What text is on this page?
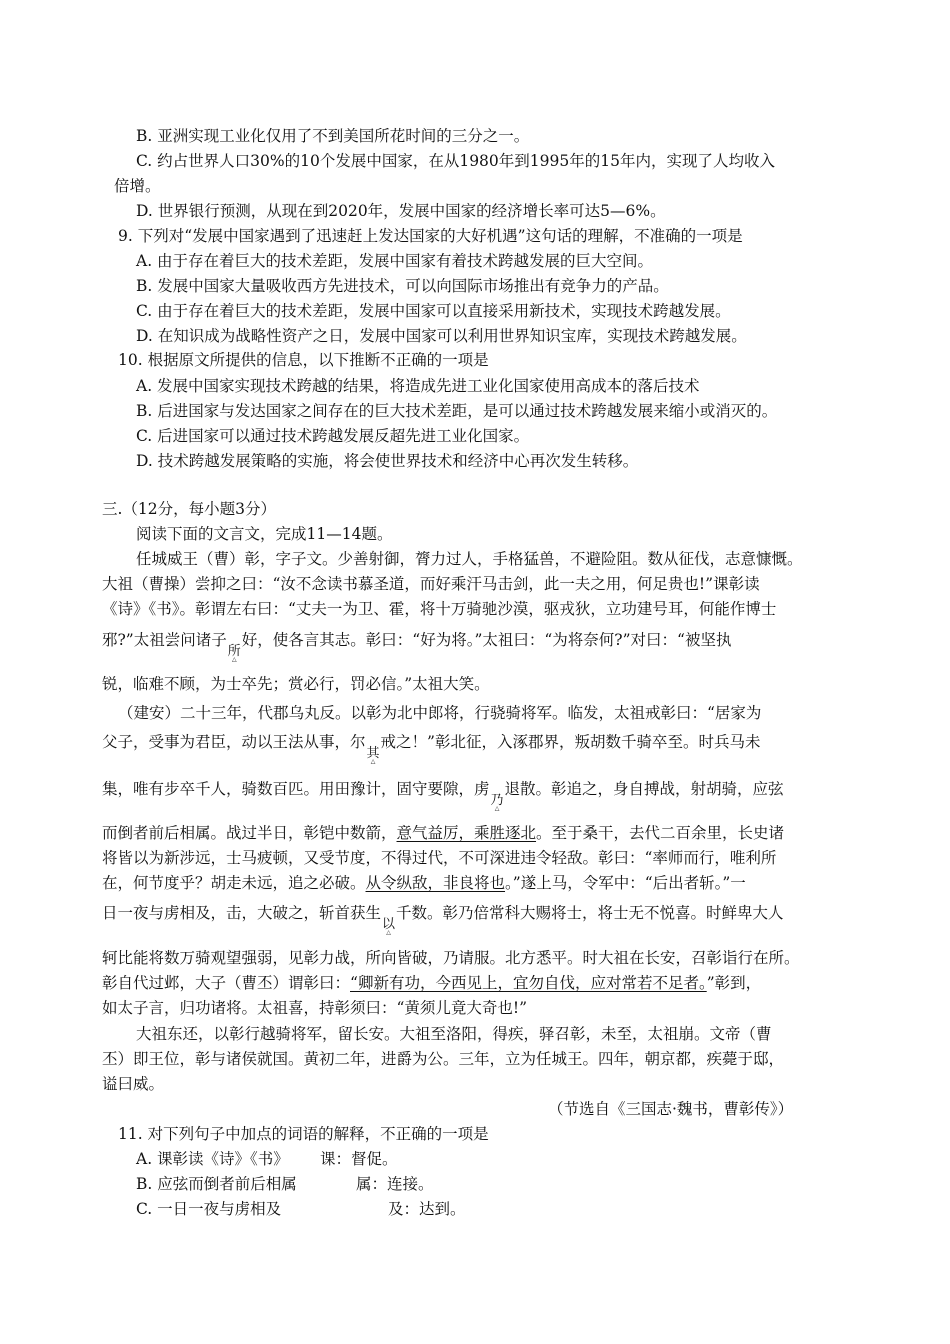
B. 亚洲实现工业化仅用了不到美国所花时间的三分之一。
C. 约占世界人口30%的10个发展中国家，在从1980年到1995年的15年内，实现了人均收入
倍增。
D. 世界银行预测，从现在到2020年，发展中国家的经济增长率可达5—6%。
9. 下列对“发展中国家遇到了迅速赶上发达国家的大好机遇”这句话的理解，不准确的一项是
A. 由于存在着巨大的技术差距，发展中国家有着技术跨越发展的巨大空间。
B. 发展中国家大量吸收西方先进技术，可以向国际市场推出有竞争力的产品。
C. 由于存在着巨大的技术差距，发展中国家可以直接采用新技术，实现技术跨越发展。
D. 在知识成为战略性资产之日，发展中国家可以利用世界知识宝库，实现技术跨越发展。
10. 根据原文所提供的信息，以下推断不正确的一项是
A. 发展中国家实现技术跨越的结果，将造成先进工业化国家使用高成本的落后技术
B. 后进国家与发达国家之间存在的巨大技术差距，是可以通过技术跨越发展来缩小或消灭的。
C. 后进国家可以通过技术跨越发展反超先进工业化国家。
D. 技术跨越发展策略的实施，将会使世界技术和经济中心再次发生转移。
三.（12分，每小题3分）
阅读下面的文言文，完成11—14题。
任城威王（曹）彰，字子文。少善射御，膂力过人，手格猛兽，不避险阻。数从征伐，志意慷慨。
大祖（曹操）尝抑之曰：“汝不念读书慕圣道，而好乘汗马击剑，此一夫之用，何足贵也!”课彰读
《诗》《书》。彰谓左右曰：“丈夫一为卫、霍，将十万骑驰沙漠，驱戎狄，立功建号耳，何能作博士
邪?”太祖尝问诸子所 △好，使各言其志。彰曰：“好为将。”太祖曰：“为将奈何?”对曰：“被坚执
锐，临难不顾，为士卒先；赏必行，罚必信。”太祖大笑。
（建安）二十三年，代郡乌丸反。以彰为北中郎将，行骁骑将军。临发，太祖戒彰曰：“居家为
父子，受事为君臣，动以王法从事，尔其 △戒之！”彰北征，入涿郡界，叛胡数千骑卒至。时兵马未
集，唯有步卒千人，骑数百匹。用田豫计，固守要隙，虏乃 △退散。彰追之，身自搏战，射胡骑，应弦
而倒者前后相属。战过半日，彰铠中数箭，意气益厉，乘胜逐北。至于桑干，去代二百余里，长史诸
将皆以为新涉远，士马疲顿，又受节度，不得过代，不可深进违令轻敌。彰曰：“率师而行，唯利所
在，何节度乎？胡走未远，追之必破。从令纵敌，非良将也。”遂上马，令军中：“后出者斩。”一
日一夜与虏相及，击，大破之，斩首获生以 △千数。彰乃倍常科大赐将士，将士无不悦喜。时鲜卑大人
轲比能将数万骑观望强弱，见彰力战，所向皆破，乃请服。北方悉平。时大祖在长安，召彰诣行在所。
彰自代过邺，大子（曹丕）谓彰曰：“卿新有功，今西见上，宜勿自伐，应对常若不足者。”彰到，
如太子言，归功诸将。太祖喜，持彰须曰：“黄须儿竟大奇也!”
大祖东还，以彰行越骑将军，留长安。大祖至洛阳，得疾，驿召彰，未至，太祖崩。文帝（曹
丕）即王位，彰与诸侯就国。黄初二年，进爵为公。三年，立为任城王。四年，朝京都，疾薨于邸，
谥曰威。
（节选自《三国志·魏书，曹彰传》）
11. 对下列句子中加点的词语的解释，不正确的一项是
A. 课彰读《诗》《书》 课：督促。
B. 应弦而倒者前后相属	属：连接。
C. 一日一夜与虏相及	及：达到。
